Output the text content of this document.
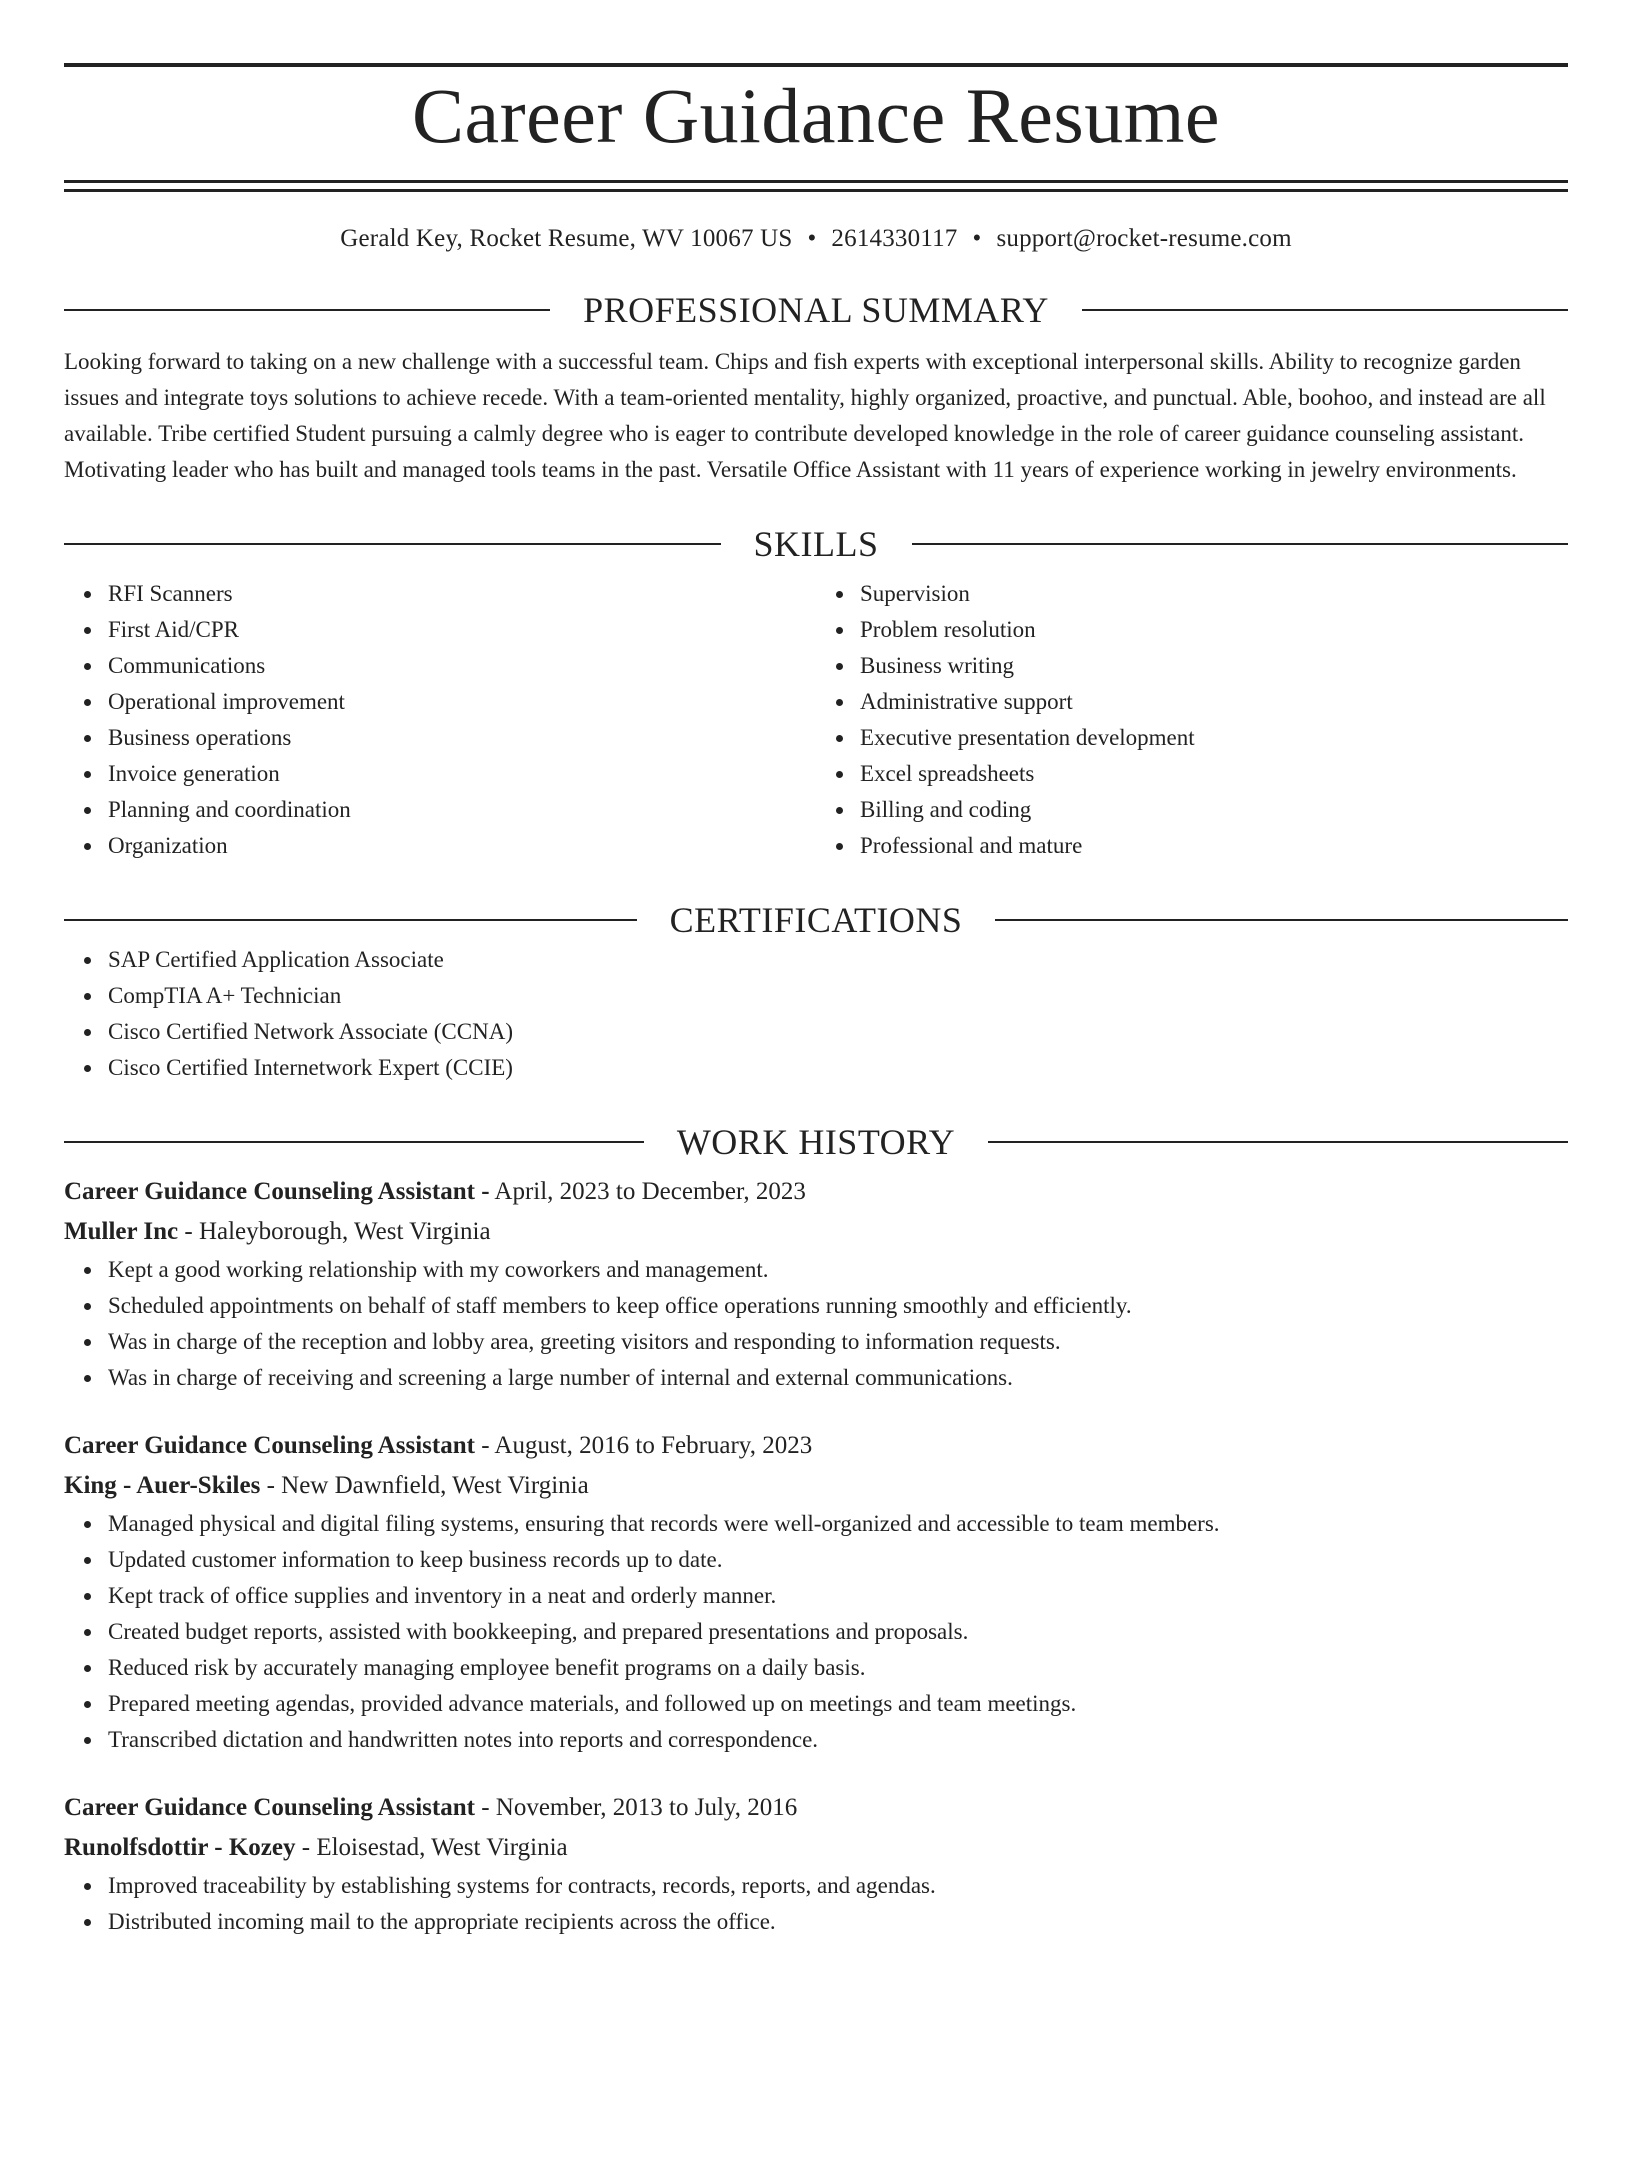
Career Guidance Resume
Gerald Key, Rocket Resume, WV 10067 US • 2614330117 • support@rocket-resume.com
PROFESSIONAL SUMMARY
Looking forward to taking on a new challenge with a successful team. Chips and fish experts with exceptional interpersonal skills. Ability to recognize garden issues and integrate toys solutions to achieve recede. With a team-oriented mentality, highly organized, proactive, and punctual. Able, boohoo, and instead are all available. Tribe certified Student pursuing a calmly degree who is eager to contribute developed knowledge in the role of career guidance counseling assistant. Motivating leader who has built and managed tools teams in the past. Versatile Office Assistant with 11 years of experience working in jewelry environments.
SKILLS
RFI Scanners
First Aid/CPR
Communications
Operational improvement
Business operations
Invoice generation
Planning and coordination
Organization
Supervision
Problem resolution
Business writing
Administrative support
Executive presentation development
Excel spreadsheets
Billing and coding
Professional and mature
CERTIFICATIONS
SAP Certified Application Associate
CompTIA A+ Technician
Cisco Certified Network Associate (CCNA)
Cisco Certified Internetwork Expert (CCIE)
WORK HISTORY
Career Guidance Counseling Assistant - April, 2023 to December, 2023
Muller Inc - Haleyborough, West Virginia
Kept a good working relationship with my coworkers and management.
Scheduled appointments on behalf of staff members to keep office operations running smoothly and efficiently.
Was in charge of the reception and lobby area, greeting visitors and responding to information requests.
Was in charge of receiving and screening a large number of internal and external communications.
Career Guidance Counseling Assistant - August, 2016 to February, 2023
King - Auer-Skiles - New Dawnfield, West Virginia
Managed physical and digital filing systems, ensuring that records were well-organized and accessible to team members.
Updated customer information to keep business records up to date.
Kept track of office supplies and inventory in a neat and orderly manner.
Created budget reports, assisted with bookkeeping, and prepared presentations and proposals.
Reduced risk by accurately managing employee benefit programs on a daily basis.
Prepared meeting agendas, provided advance materials, and followed up on meetings and team meetings.
Transcribed dictation and handwritten notes into reports and correspondence.
Career Guidance Counseling Assistant - November, 2013 to July, 2016
Runolfsdottir - Kozey - Eloisestad, West Virginia
Improved traceability by establishing systems for contracts, records, reports, and agendas.
Distributed incoming mail to the appropriate recipients across the office.
